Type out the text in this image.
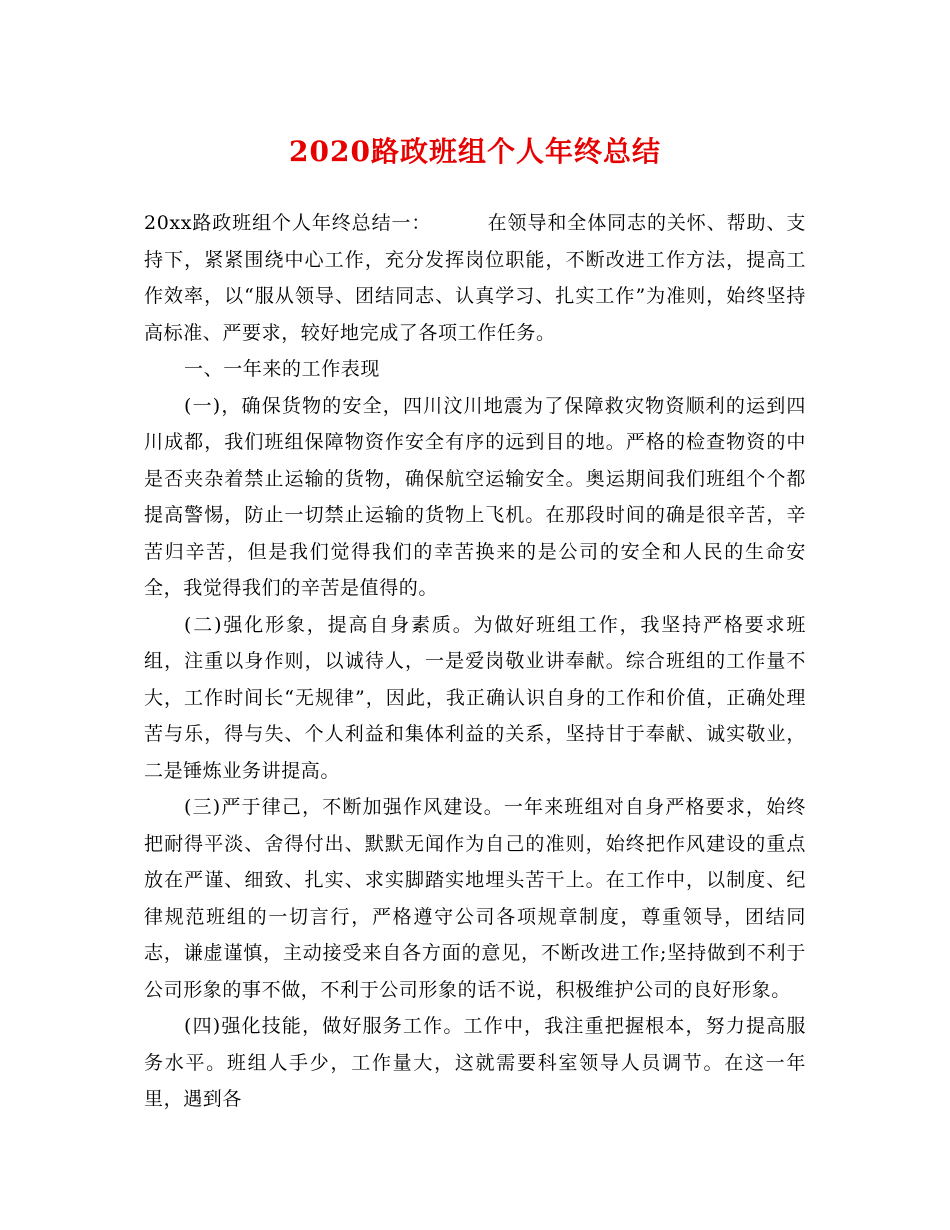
2020路政班组个人年终总结

20xx路政班组个人年终总结一：	在领导和全体同志的关怀、帮助、支持下，紧紧围绕中心工作，充分发挥岗位职能，不断改进工作方法，提高工作效率，以“服从领导、团结同志、认真学习、扎实工作”为准则，始终坚持高标准、严要求，较好地完成了各项工作任务。

一、一年来的工作表现

(一)，确保货物的安全，四川汶川地震为了保障救灾物资顺利的运到四川成都，我们班组保障物资作安全有序的远到目的地。严格的检查物资的中是否夹杂着禁止运输的货物，确保航空运输安全。奥运期间我们班组个个都提高警惕，防止一切禁止运输的货物上飞机。在那段时间的确是很辛苦，辛苦归辛苦，但是我们觉得我们的幸苦换来的是公司的安全和人民的生命安全，我觉得我们的辛苦是值得的。

(二)强化形象，提高自身素质。为做好班组工作，我坚持严格要求班组，注重以身作则，以诚待人，一是爱岗敬业讲奉献。综合班组的工作量不大，工作时间长“无规律”，因此，我正确认识自身的工作和价值，正确处理苦与乐，得与失、个人利益和集体利益的关系，坚持甘于奉献、诚实敬业，二是锤炼业务讲提高。

(三)严于律己，不断加强作风建设。一年来班组对自身严格要求，始终把耐得平淡、舍得付出、默默无闻作为自己的准则，始终把作风建设的重点放在严谨、细致、扎实、求实脚踏实地埋头苦干上。在工作中，以制度、纪律规范班组的一切言行，严格遵守公司各项规章制度，尊重领导，团结同志，谦虚谨慎，主动接受来自各方面的意见，不断改进工作;坚持做到不利于公司形象的事不做，不利于公司形象的话不说，积极维护公司的良好形象。

(四)强化技能，做好服务工作。工作中，我注重把握根本，努力提高服务水平。班组人手少，工作量大，这就需要科室领导人员调节。在这一年里，遇到各
